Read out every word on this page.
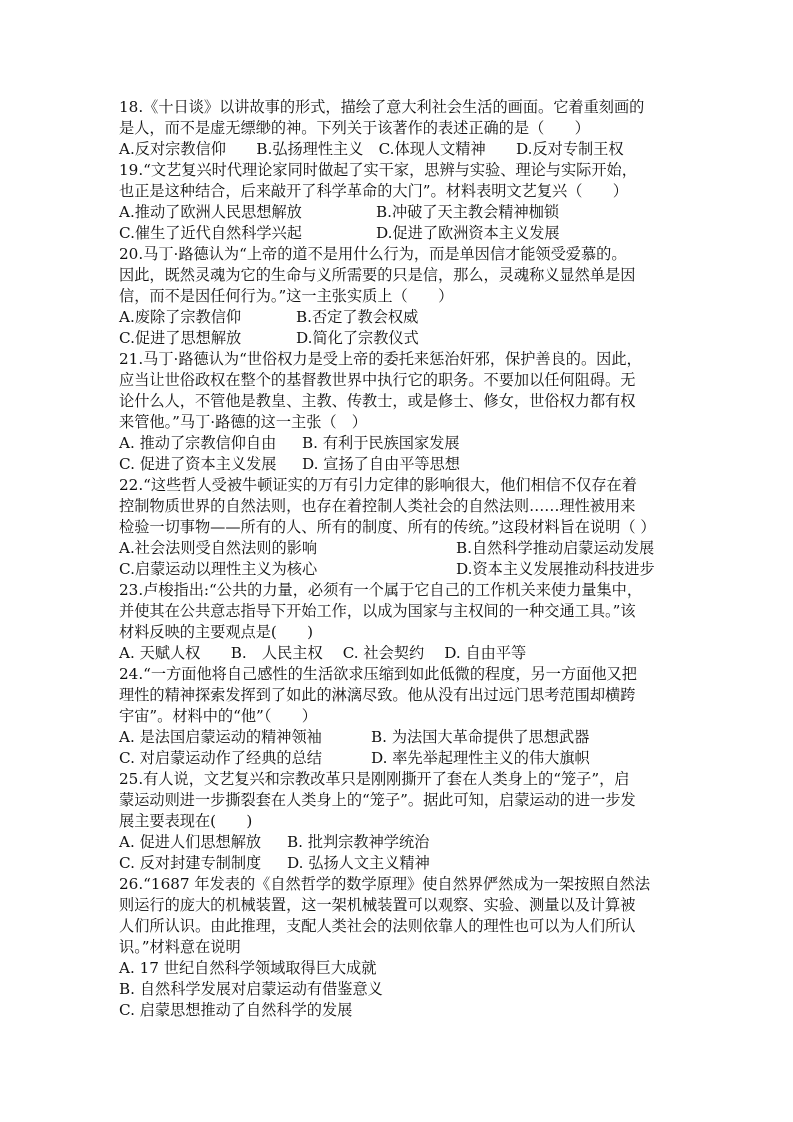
18.《十日谈》以讲故事的形式，描绘了意大利社会生活的画面。它着重刻画的
是人，而不是虚无缥缈的神。下列关于该著作的表述正确的是（　　）
A.反对宗教信仰　　B.弘扬理性主义　C.体现人文精神　　D.反对专制王权
19.“文艺复兴时代理论家同时做起了实干家，思辨与实验、理论与实际开始，
也正是这种结合，后来敲开了科学革命的大门”。材料表明文艺复兴（　　）
A.推动了欧洲人民思想解放	B.冲破了天主教会精神枷锁
C.催生了近代自然科学兴起	D.促进了欧洲资本主义发展
20.马丁·路德认为“上帝的道不是用什么行为，而是单因信才能领受爱慕的。
因此，既然灵魂为它的生命与义所需要的只是信，那么，灵魂称义显然单是因
信，而不是因任何行为。”这一主张实质上（　　）
A.废除了宗教信仰	B.否定了教会权威
C.促进了思想解放	D.简化了宗教仪式
21.马丁·路德认为“世俗权力是受上帝的委托来惩治奸邪，保护善良的。因此，
应当让世俗政权在整个的基督教世界中执行它的职务。不要加以任何阻碍。无
论什么人，不管他是教皇、主教、传教士，或是修士、修女，世俗权力都有权
来管他。”马丁·路德的这一主张（　）
A. 推动了宗教信仰自由 B. 有利于民族国家发展
C. 促进了资本主义发展 D. 宣扬了自由平等思想
22.“这些哲人受被牛顿证实的万有引力定律的影响很大，他们相信不仅存在着
控制物质世界的自然法则，也存在着控制人类社会的自然法则……理性被用来
检验一切事物——所有的人、所有的制度、所有的传统。”这段材料旨在说明（ ）
A.社会法则受自然法则的影响	B.自然科学推动启蒙运动发展
C.启蒙运动以理性主义为核心	D.资本主义发展推动科技进步
23.卢梭指出:“公共的力量，必须有一个属于它自己的工作机关来使力量集中，
并使其在公共意志指导下开始工作，以成为国家与主权间的一种交通工具。”该
材料反映的主要观点是(　　)
A. 天赋人权　　B.　人民主权　 C. 社会契约　 D. 自由平等
24.“一方面他将自己感性的生活欲求压缩到如此低微的程度，另一方面他又把
理性的精神探索发挥到了如此的淋漓尽致。他从没有出过远门思考范围却横跨
宇宙”。材料中的“他”（　　）
A. 是法国启蒙运动的精神领袖	B. 为法国大革命提供了思想武器
C. 对启蒙运动作了经典的总结	D. 率先举起理性主义的伟大旗帜
25.有人说，文艺复兴和宗教改革只是刚刚撕开了套在人类身上的“笼子”，启
蒙运动则进一步撕裂套在人类身上的“笼子”。据此可知，启蒙运动的进一步发
展主要表现在(　　)
A. 促进人们思想解放 B. 批判宗教神学统治
C. 反对封建专制制度 D. 弘扬人文主义精神
26.“1687 年发表的《自然哲学的数学原理》使自然界俨然成为一架按照自然法
则运行的庞大的机械装置，这一架机械装置可以观察、实验、测量以及计算被
人们所认识。由此推理，支配人类社会的法则依靠人的理性也可以为人们所认
识。”材料意在说明
A. 17 世纪自然科学领域取得巨大成就
B. 自然科学发展对启蒙运动有借鉴意义
C. 启蒙思想推动了自然科学的发展
